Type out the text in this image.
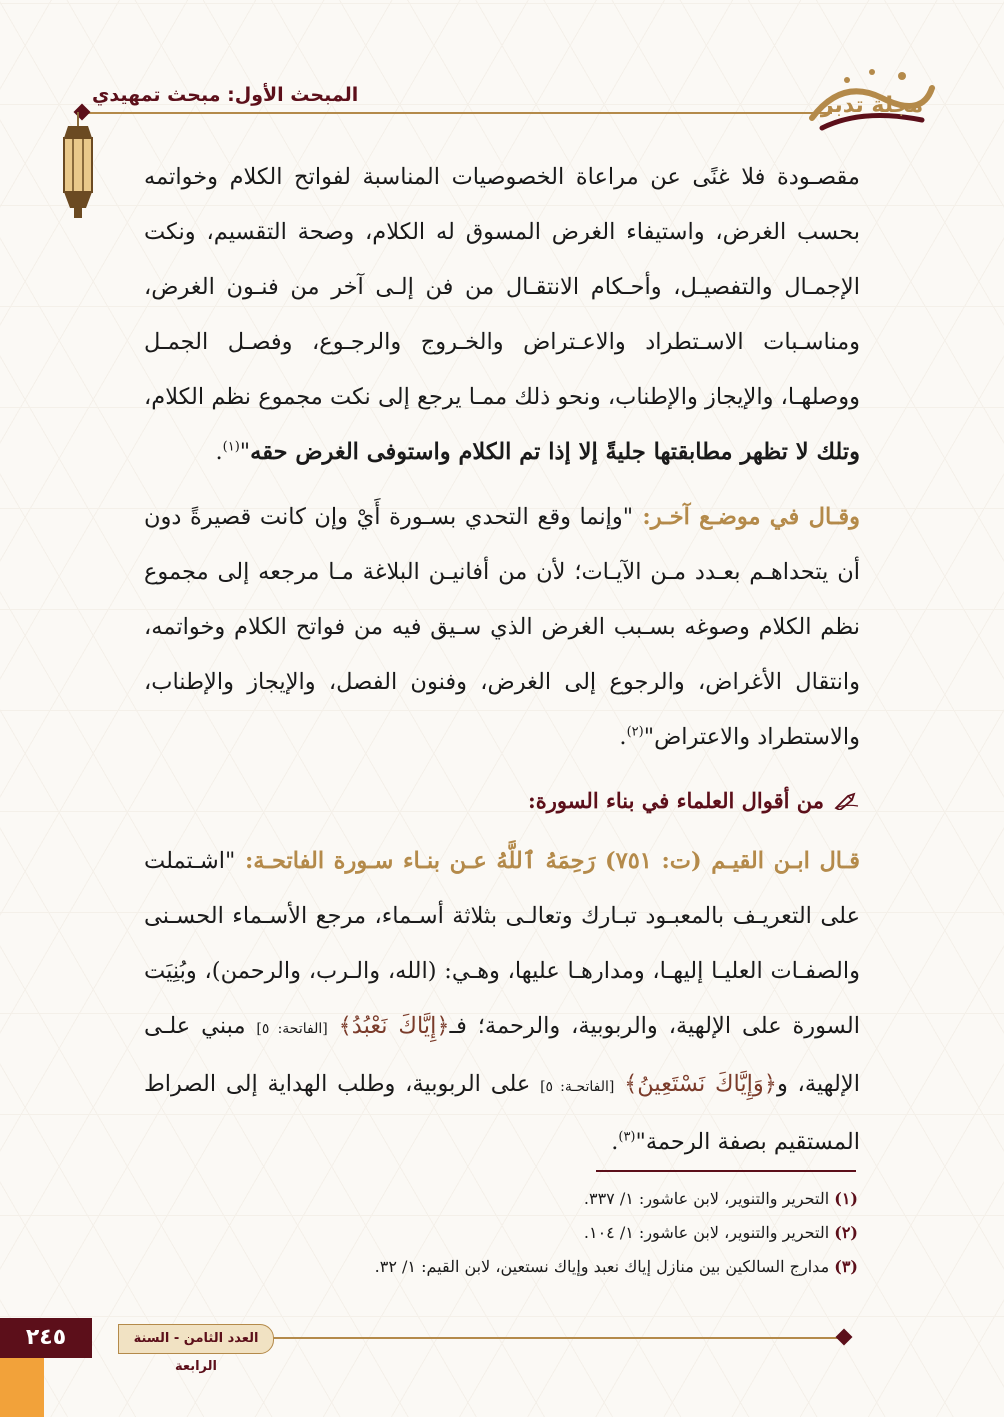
المبحث الأول: مبحث تمهيدي	مجلة تدبر

مقصـودة فلا غنًى عن مراعاة الخصوصيات المناسبة لفواتح الكلام وخواتمه بحسب الغرض، واستيفاء الغرض المسوق له الكلام، وصحة التقسيم، ونكت الإجمـال والتفصيـل، وأحـكام الانتقـال من فن إلـى آخر من فنـون الغرض، ومناسـبات الاسـتطراد والاعـتراض والخـروج والرجـوع، وفصـل الجمـل ووصلهـا، والإيجاز والإطناب، ونحو ذلك ممـا يرجع إلى نكت مجموع نظم الكلام، وتلك لا تظهر مطابقتها جليةً إلا إذا تم الكلام واستوفى الغرض حقه"$^{(١)}$.

وقـال في موضـع آخـر: "وإنما وقع التحدي بسـورة أَيْ وإن كانت قصيرةً دون أن يتحداهـم بعـدد مـن الآيـات؛ لأن من أفانيـن البلاغة مـا مرجعه إلى مجموع نظم الكلام وصوغه بسـبب الغرض الذي سـيق فيه من فواتح الكلام وخواتمه، وانتقال الأغراض، والرجوع إلى الغرض، وفنون الفصل، والإيجاز والإطناب، والاستطراد والاعتراض"$^{(٢)}$.

من أقوال العلماء في بناء السورة:

قـال ابـن القيـم (ت: ٧٥١) رَحِمَهُ ٱللَّهُ عـن بنـاء سـورة الفاتحـة: "اشـتملت على التعريـف بالمعبـود تبـارك وتعالـى بثلاثة أسـماء، مرجع الأسـماء الحسـنى والصفـات العليـا إليهـا، ومدارهـا عليها، وهـي: (الله، والـرب، والرحمن)، وبُنِيَت السورة على الإلهية، والربوبية، والرحمة؛ فـ﴿إِيَّاكَ نَعْبُدُ﴾ [الفاتحة: ٥] مبني علـى الإلهية، و﴿وَإِيَّاكَ نَسْتَعِينُ﴾ [الفاتحـة: ٥] على الربوبية، وطلب الهداية إلى الصراط المستقيم بصفة الرحمة"$^{(٣)}$.

(١) التحرير والتنوير، لابن عاشور: ١/ ٣٣٧.
(٢) التحرير والتنوير، لابن عاشور: ١/ ١٠٤.
(٣) مدارج السالكين بين منازل إياك نعبد وإياك نستعين، لابن القيم: ١/ ٣٢.
العدد الثامن - السنة الرابعة
٢٤٥
